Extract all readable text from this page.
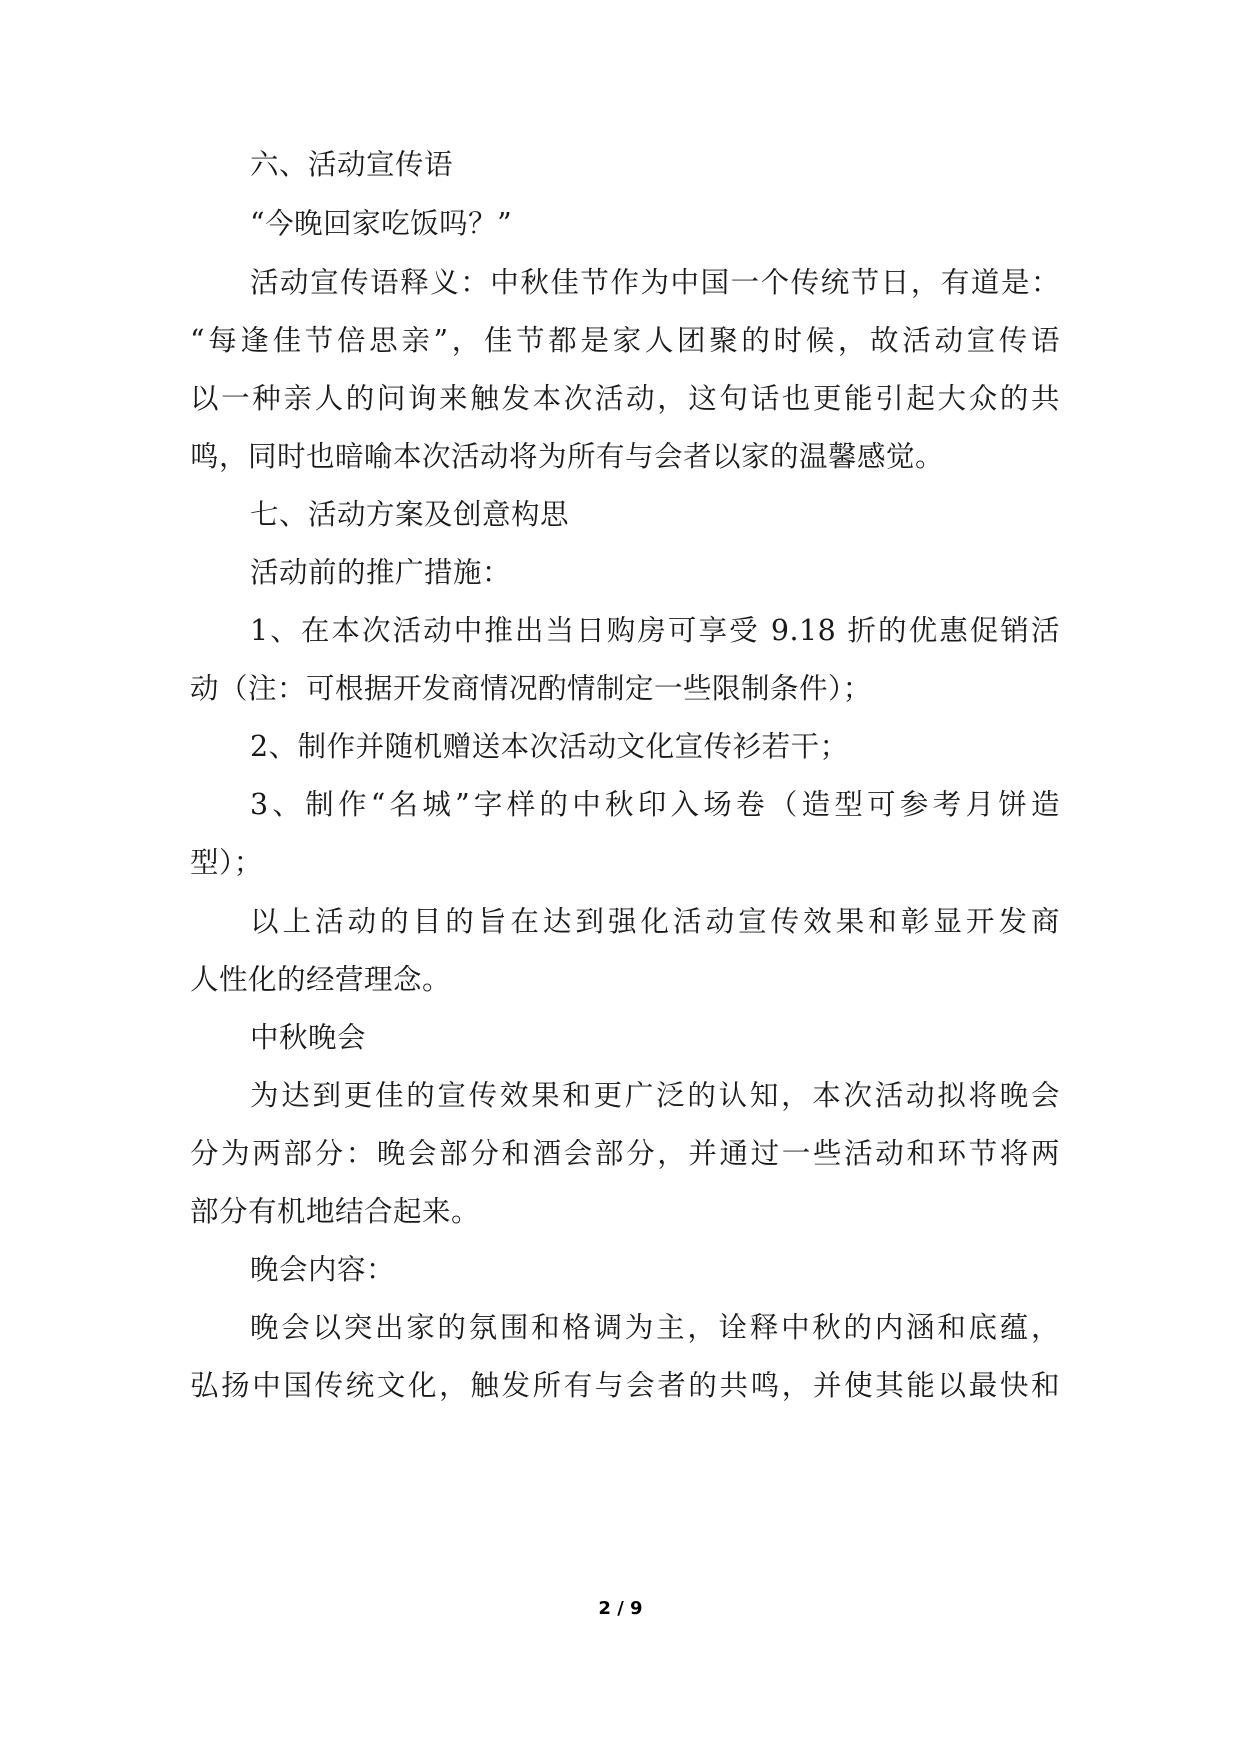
六、活动宣传语
“今晚回家吃饭吗？”
活动宣传语释义：中秋佳节作为中国一个传统节日，有道是：
“每逢佳节倍思亲”，佳节都是家人团聚的时候，故活动宣传语
以一种亲人的问询来触发本次活动，这句话也更能引起大众的共
鸣，同时也暗喻本次活动将为所有与会者以家的温馨感觉。
七、活动方案及创意构思
活动前的推广措施：
1、在本次活动中推出当日购房可享受 9.18 折的优惠促销活
动（注：可根据开发商情况酌情制定一些限制条件）；
2、制作并随机赠送本次活动文化宣传衫若干；
3、制作“名城”字样的中秋印入场卷（造型可参考月饼造
型）；
以上活动的目的旨在达到强化活动宣传效果和彰显开发商
人性化的经营理念。
中秋晚会
为达到更佳的宣传效果和更广泛的认知，本次活动拟将晚会
分为两部分：晚会部分和酒会部分，并通过一些活动和环节将两
部分有机地结合起来。
晚会内容：
晚会以突出家的氛围和格调为主，诠释中秋的内涵和底蕴，
弘扬中国传统文化，触发所有与会者的共鸣，并使其能以最快和
2 / 9
